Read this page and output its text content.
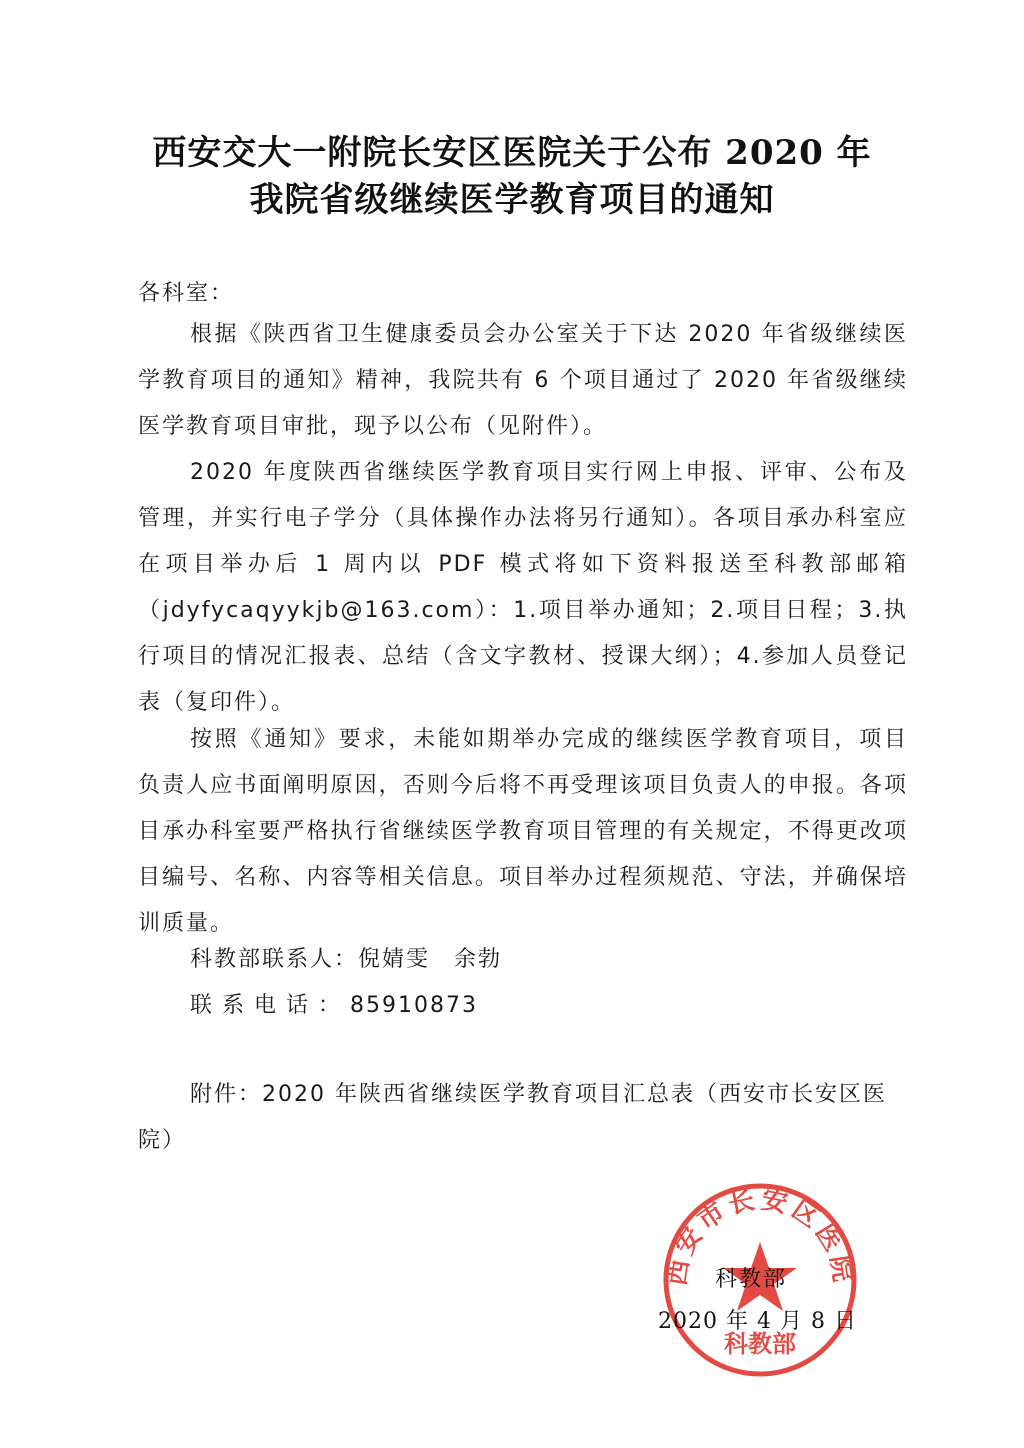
西安交大一附院长安区医院关于公布 2020 年
我院省级继续医学教育项目的通知
各科室：

根据《陕西省卫生健康委员会办公室关于下达 2020 年省级继续医学教育项目的通知》精神，我院共有 6 个项目通过了 2020 年省级继续医学教育项目审批，现予以公布（见附件）。

2020 年度陕西省继续医学教育项目实行网上申报、评审、公布及管理，并实行电子学分（具体操作办法将另行通知）。各项目承办科室应在项目举办后 1 周内以 PDF 模式将如下资料报送至科教部邮箱（jdyfycaqyykjb@163.com）：1.项目举办通知；2.项目日程；3.执行项目的情况汇报表、总结（含文字教材、授课大纲）；4.参加人员登记表（复印件）。

按照《通知》要求，未能如期举办完成的继续医学教育项目，项目负责人应书面阐明原因，否则今后将不再受理该项目负责人的申报。各项目承办科室要严格执行省继续医学教育项目管理的有关规定，不得更改项目编号、名称、内容等相关信息。项目举办过程须规范、守法，并确保培训质量。

科教部联系人：倪婧雯　余勃
联系电话：85910873

附件：2020 年陕西省继续医学教育项目汇总表（西安市长安区医院）

西安市长安区医院
科教部
科教部
2020 年 4 月 8 日
